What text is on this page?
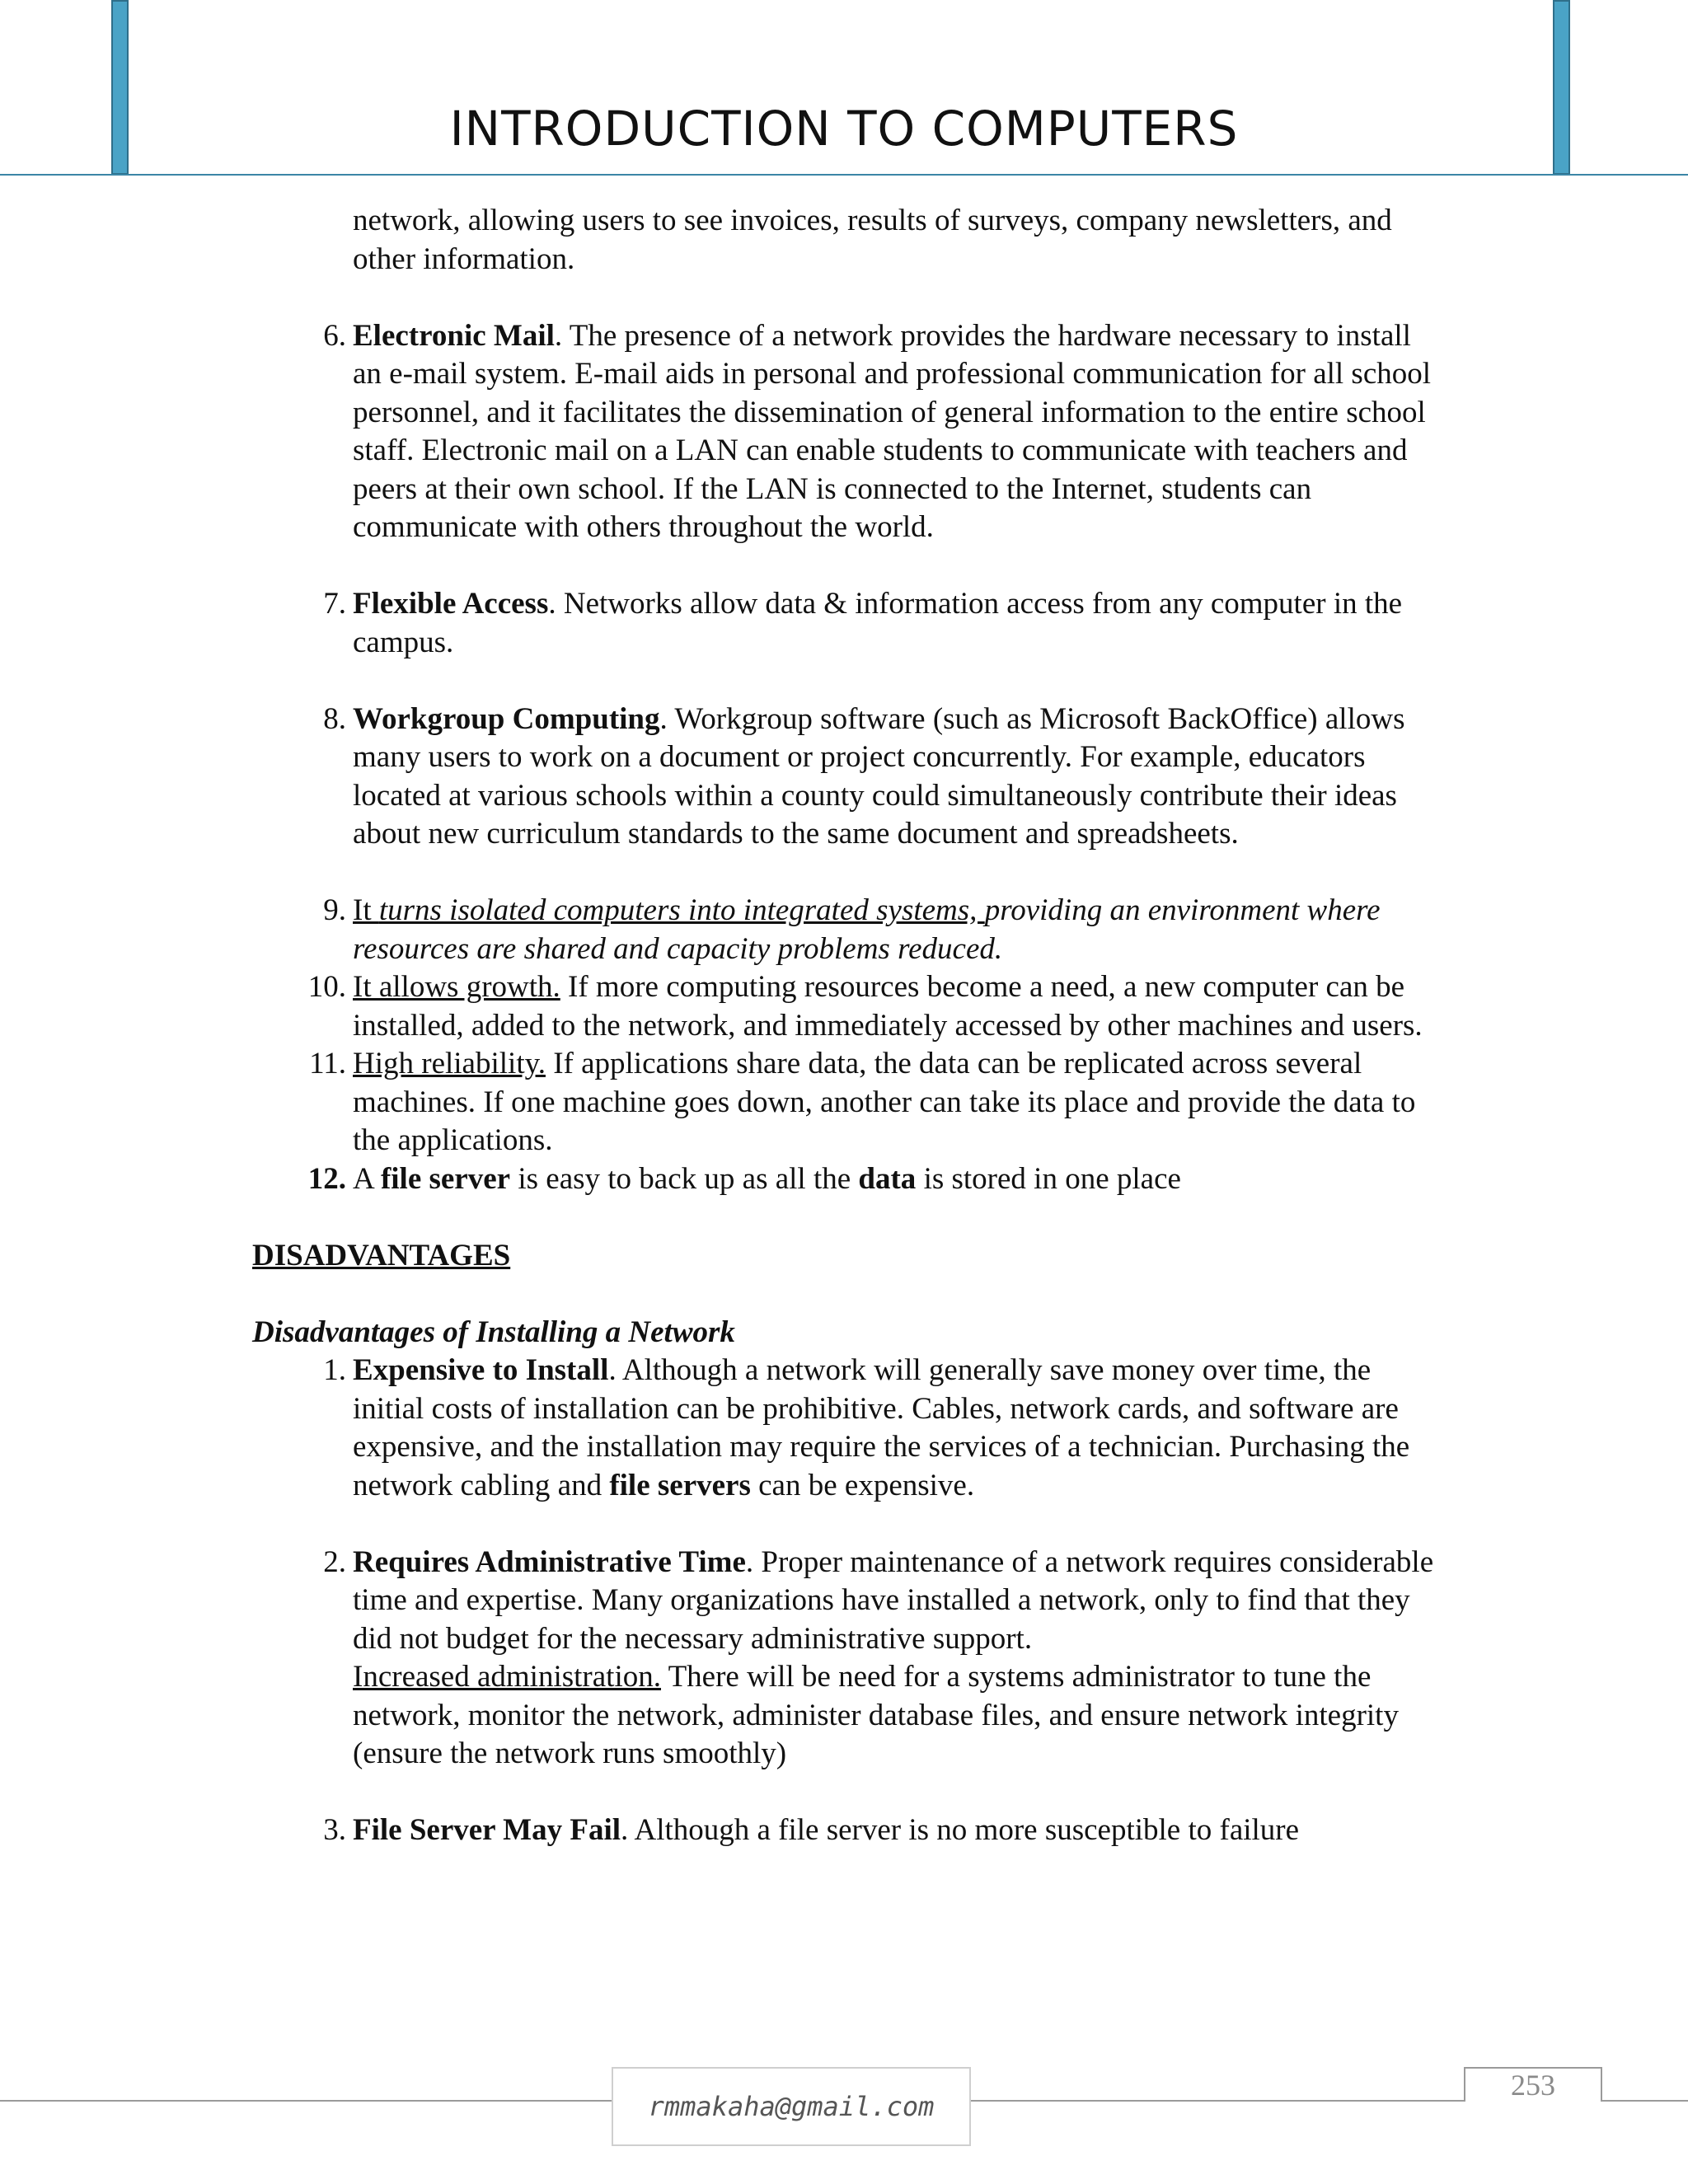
INTRODUCTION TO COMPUTERS

network, allowing users to see invoices, results of surveys, company newsletters, and other information.

6. Electronic Mail. The presence of a network provides the hardware necessary to install an e-mail system. E-mail aids in personal and professional communication for all school personnel, and it facilitates the dissemination of general information to the entire school staff. Electronic mail on a LAN can enable students to communicate with teachers and peers at their own school. If the LAN is connected to the Internet, students can communicate with others throughout the world.
7. Flexible Access. Networks allow data & information access from any computer in the campus.
8. Workgroup Computing. Workgroup software (such as Microsoft BackOffice) allows many users to work on a document or project concurrently. For example, educators located at various schools within a county could simultaneously contribute their ideas about new curriculum standards to the same document and spreadsheets.
9. It turns isolated computers into integrated systems, providing an environment where resources are shared and capacity problems reduced.
10. It allows growth. If more computing resources become a need, a new computer can be installed, added to the network, and immediately accessed by other machines and users.
11. High reliability. If applications share data, the data can be replicated across several machines. If one machine goes down, another can take its place and provide the data to the applications.
12. A file server is easy to back up as all the data is stored in one place

DISADVANTAGES

Disadvantages of Installing a Network

1. Expensive to Install. Although a network will generally save money over time, the initial costs of installation can be prohibitive. Cables, network cards, and software are expensive, and the installation may require the services of a technician. Purchasing the network cabling and file servers can be expensive.
2. Requires Administrative Time. Proper maintenance of a network requires considerable time and expertise. Many organizations have installed a network, only to find that they did not budget for the necessary administrative support.
Increased administration. There will be need for a systems administrator to tune the network, monitor the network, administer database files, and ensure network integrity (ensure the network runs smoothly)
3. File Server May Fail. Although a file server is no more susceptible to failure
rmmakaha@gmail.com
253
